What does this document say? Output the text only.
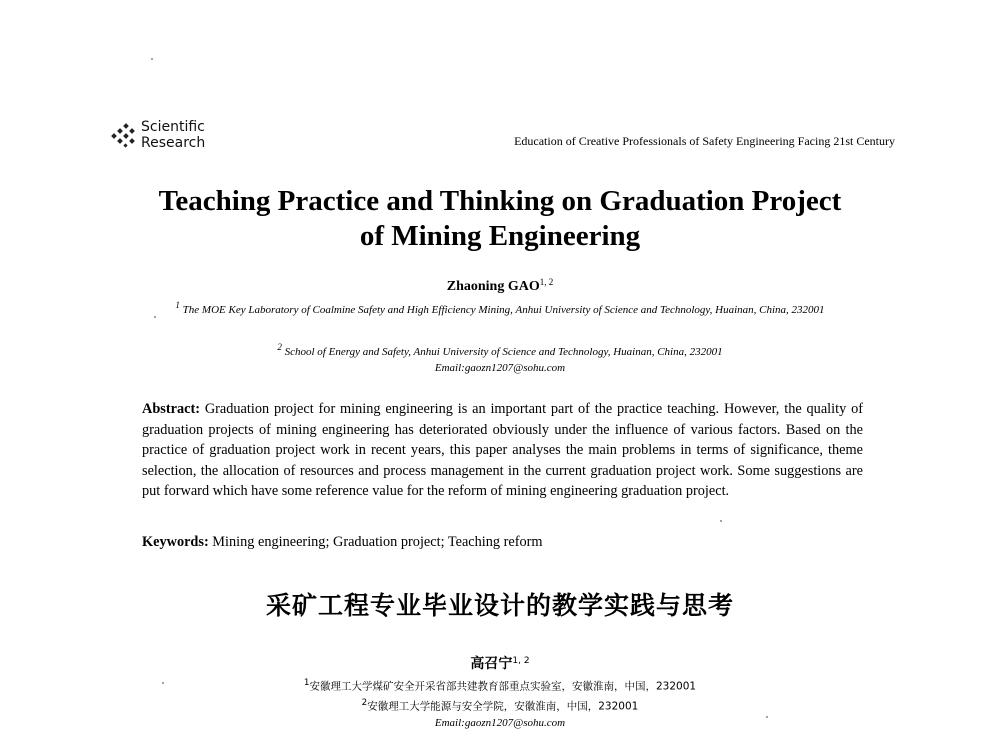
Scientific
Research	Education of Creative Professionals of Safety Engineering Facing 21st Century
Teaching Practice and Thinking on Graduation Project
of Mining Engineering
Zhaoning GAO$^{1, 2}$
$^1$ The MOE Key Laboratory of Coalmine Safety and High Efficiency Mining, Anhui University of Science and Technology, Huainan, China, 232001
$^2$ School of Energy and Safety, Anhui University of Science and Technology, Huainan, China, 232001
Email:gaozn1207@sohu.com
Abstract: Graduation project for mining engineering is an important part of the practice teaching. However, the quality of graduation projects of mining engineering has deteriorated obviously under the influence of various factors. Based on the practice of graduation project work in recent years, this paper analyses the main problems in terms of significance, theme selection, the allocation of resources and process management in the current graduation project work. Some suggestions are put forward which have some reference value for the reform of mining engineering graduation project.
Keywords: Mining engineering; Graduation project; Teaching reform
采矿工程专业毕业设计的教学实践与思考
高召宁$^{1, 2}$
$^1$安徽理工大学煤矿安全开采省部共建教育部重点实验室，安徽淮南，中国，232001
$^2$安徽理工大学能源与安全学院，安徽淮南，中国，232001
Email:gaozn1207@sohu.com
